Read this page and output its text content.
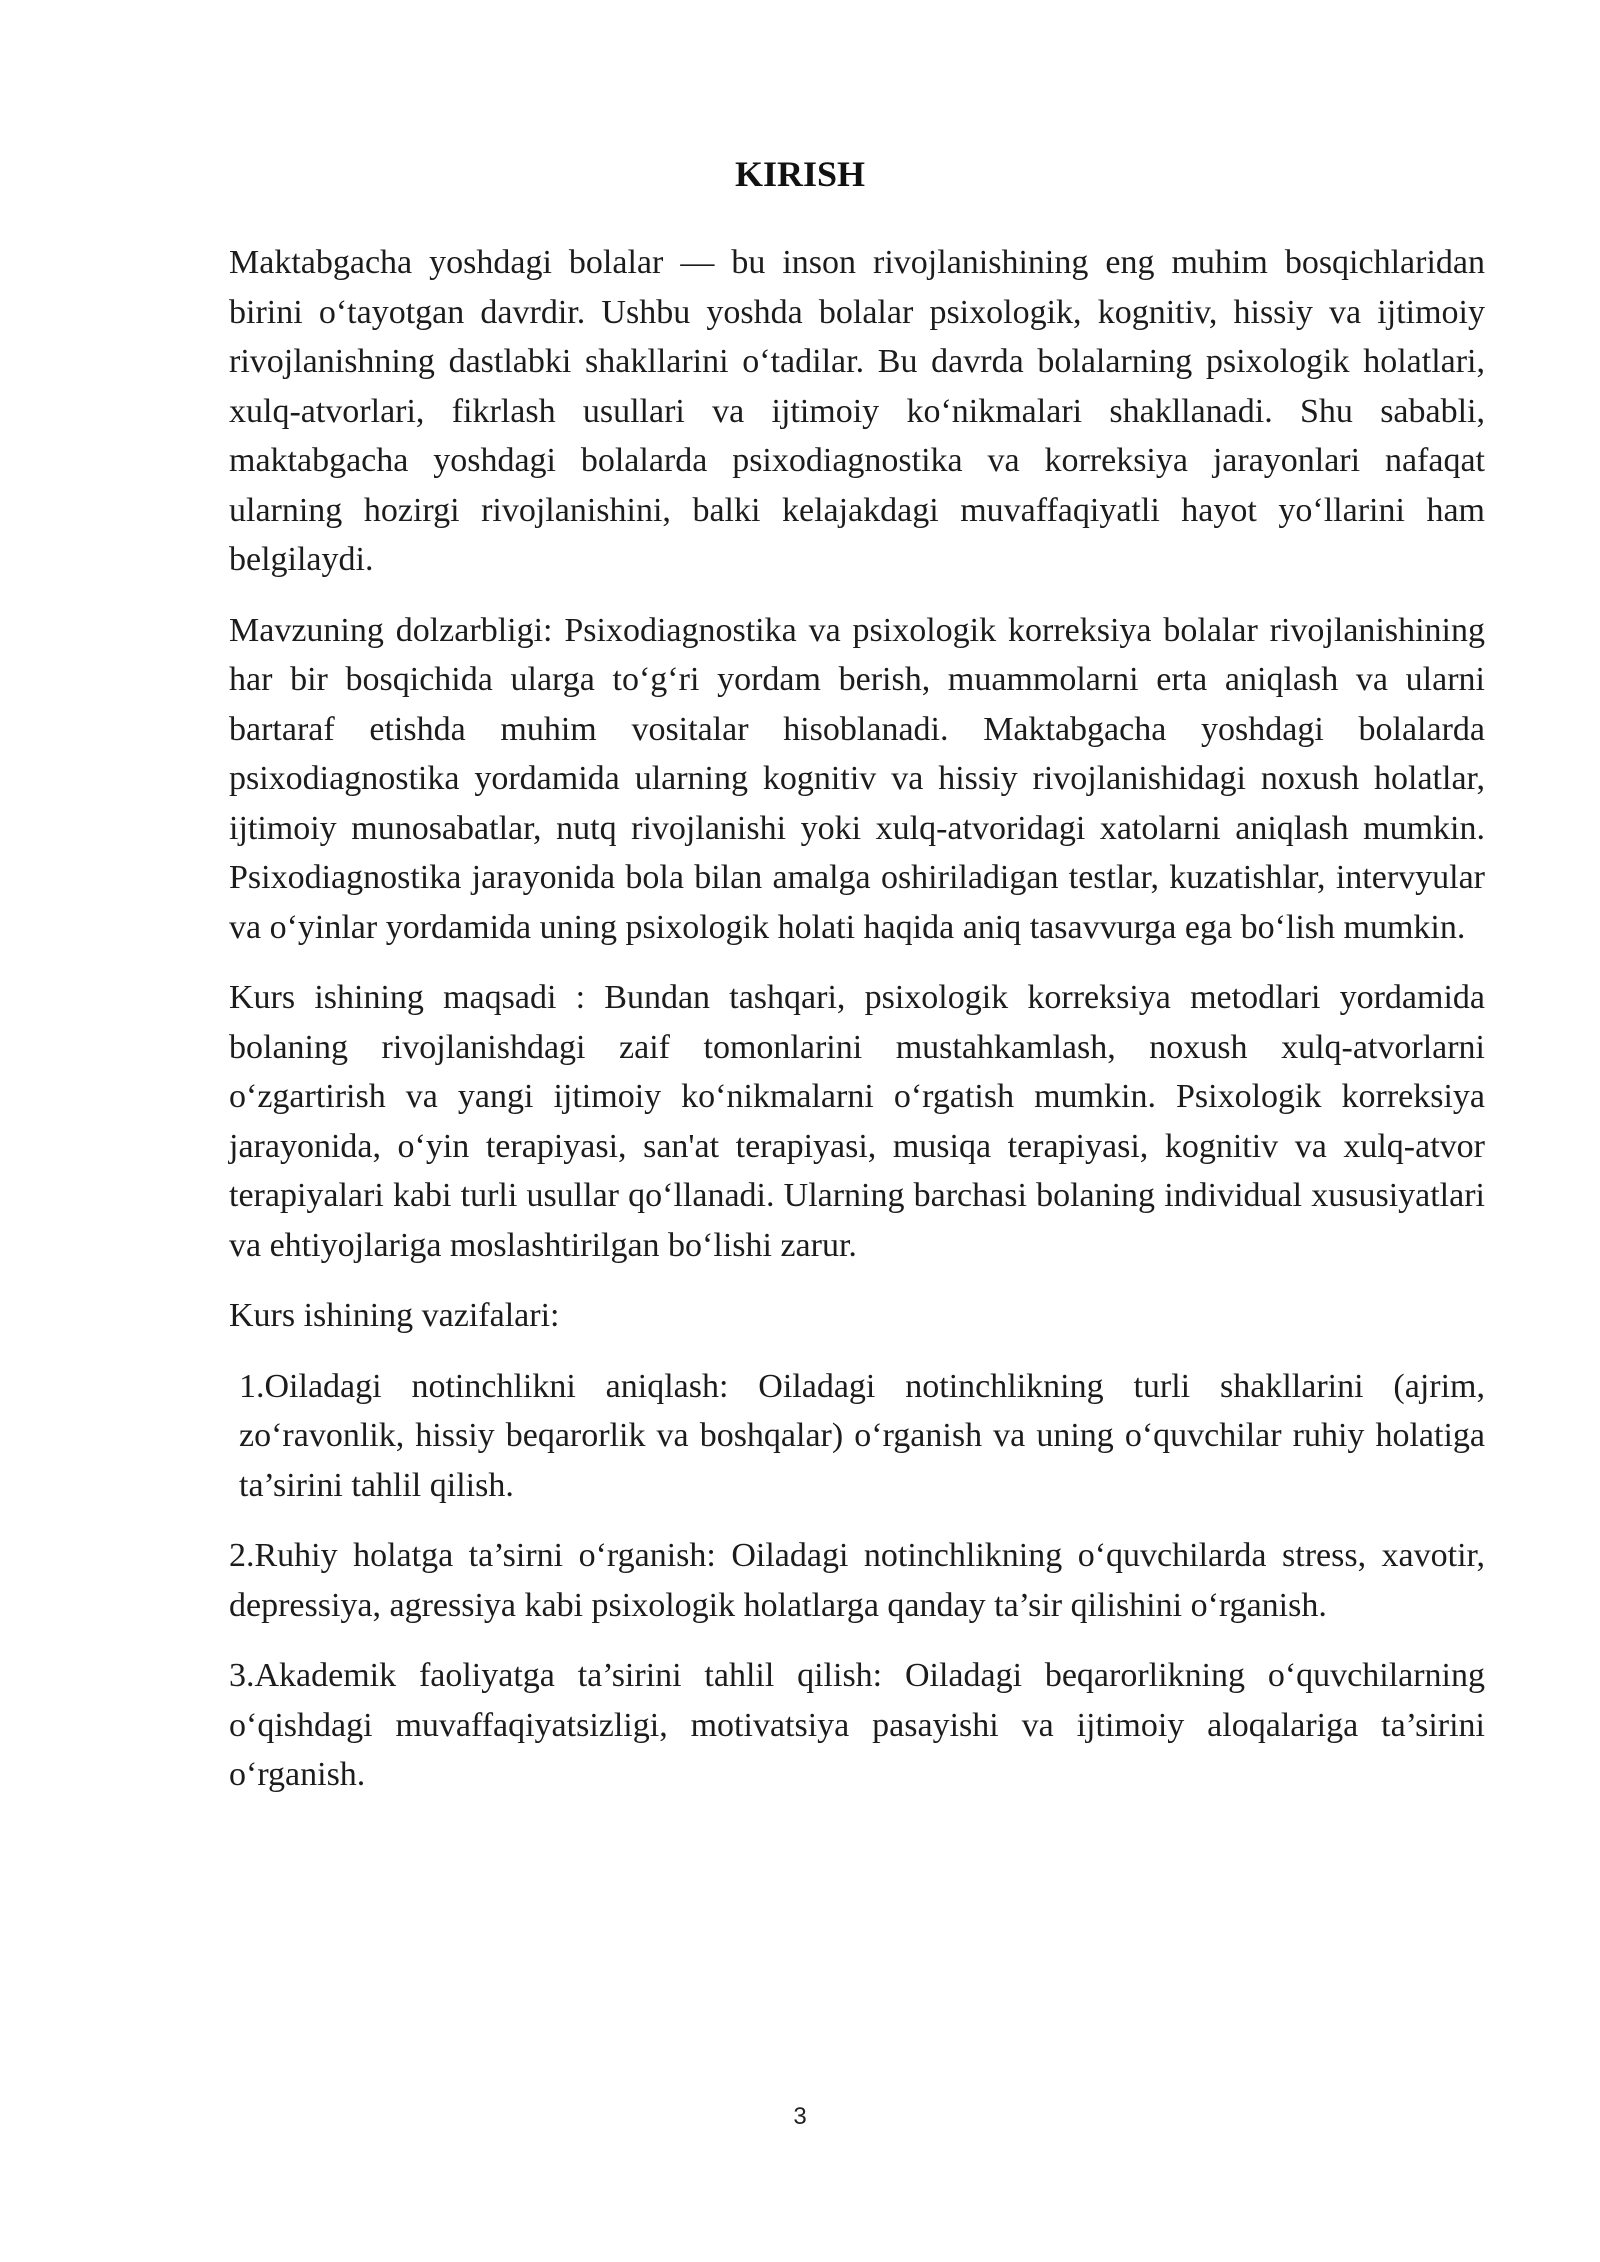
KIRISH

Maktabgacha yoshdagi bolalar — bu inson rivojlanishining eng muhim bosqichlaridan birini o‘tayotgan davrdir. Ushbu yoshda bolalar psixologik, kognitiv, hissiy va ijtimoiy rivojlanishning dastlabki shakllarini o‘tadilar. Bu davrda bolalarning psixologik holatlari, xulq-atvorlari, fikrlash usullari va ijtimoiy ko‘nikmalari shakllanadi. Shu sababli, maktabgacha yoshdagi bolalarda psixodiagnostika va korreksiya jarayonlari nafaqat ularning hozirgi rivojlanishini, balki kelajakdagi muvaffaqiyatli hayot yo‘llarini ham belgilaydi.

Mavzuning dolzarbligi: Psixodiagnostika va psixologik korreksiya bolalar rivojlanishining har bir bosqichida ularga to‘g‘ri yordam berish, muammolarni erta aniqlash va ularni bartaraf etishda muhim vositalar hisoblanadi. Maktabgacha yoshdagi bolalarda psixodiagnostika yordamida ularning kognitiv va hissiy rivojlanishidagi noxush holatlar, ijtimoiy munosabatlar, nutq rivojlanishi yoki xulq-atvoridagi xatolarni aniqlash mumkin. Psixodiagnostika jarayonida bola bilan amalga oshiriladigan testlar, kuzatishlar, intervyular va o‘yinlar yordamida uning psixologik holati haqida aniq tasavvurga ega bo‘lish mumkin.

Kurs ishining maqsadi : Bundan tashqari, psixologik korreksiya metodlari yordamida bolaning rivojlanishdagi zaif tomonlarini mustahkamlash, noxush xulq-atvorlarni o‘zgartirish va yangi ijtimoiy ko‘nikmalarni o‘rgatish mumkin. Psixologik korreksiya jarayonida, o‘yin terapiyasi, san'at terapiyasi, musiqa terapiyasi, kognitiv va xulq-atvor terapiyalari kabi turli usullar qo‘llanadi. Ularning barchasi bolaning individual xususiyatlari va ehtiyojlariga moslashtirilgan bo‘lishi zarur.

Kurs ishining vazifalari:

1.Oiladagi notinchlikni aniqlash: Oiladagi notinchlikning turli shakllarini (ajrim, zo‘ravonlik, hissiy beqarorlik va boshqalar) o‘rganish va uning o‘quvchilar ruhiy holatiga ta’sirini tahlil qilish.

2.Ruhiy holatga ta’sirni o‘rganish: Oiladagi notinchlikning o‘quvchilarda stress, xavotir, depressiya, agressiya kabi psixologik holatlarga qanday ta’sir qilishini o‘rganish.

3.Akademik faoliyatga ta’sirini tahlil qilish: Oiladagi beqarorlikning o‘quvchilarning o‘qishdagi muvaffaqiyatsizligi, motivatsiya pasayishi va ijtimoiy aloqalariga ta’sirini o‘rganish.

3
